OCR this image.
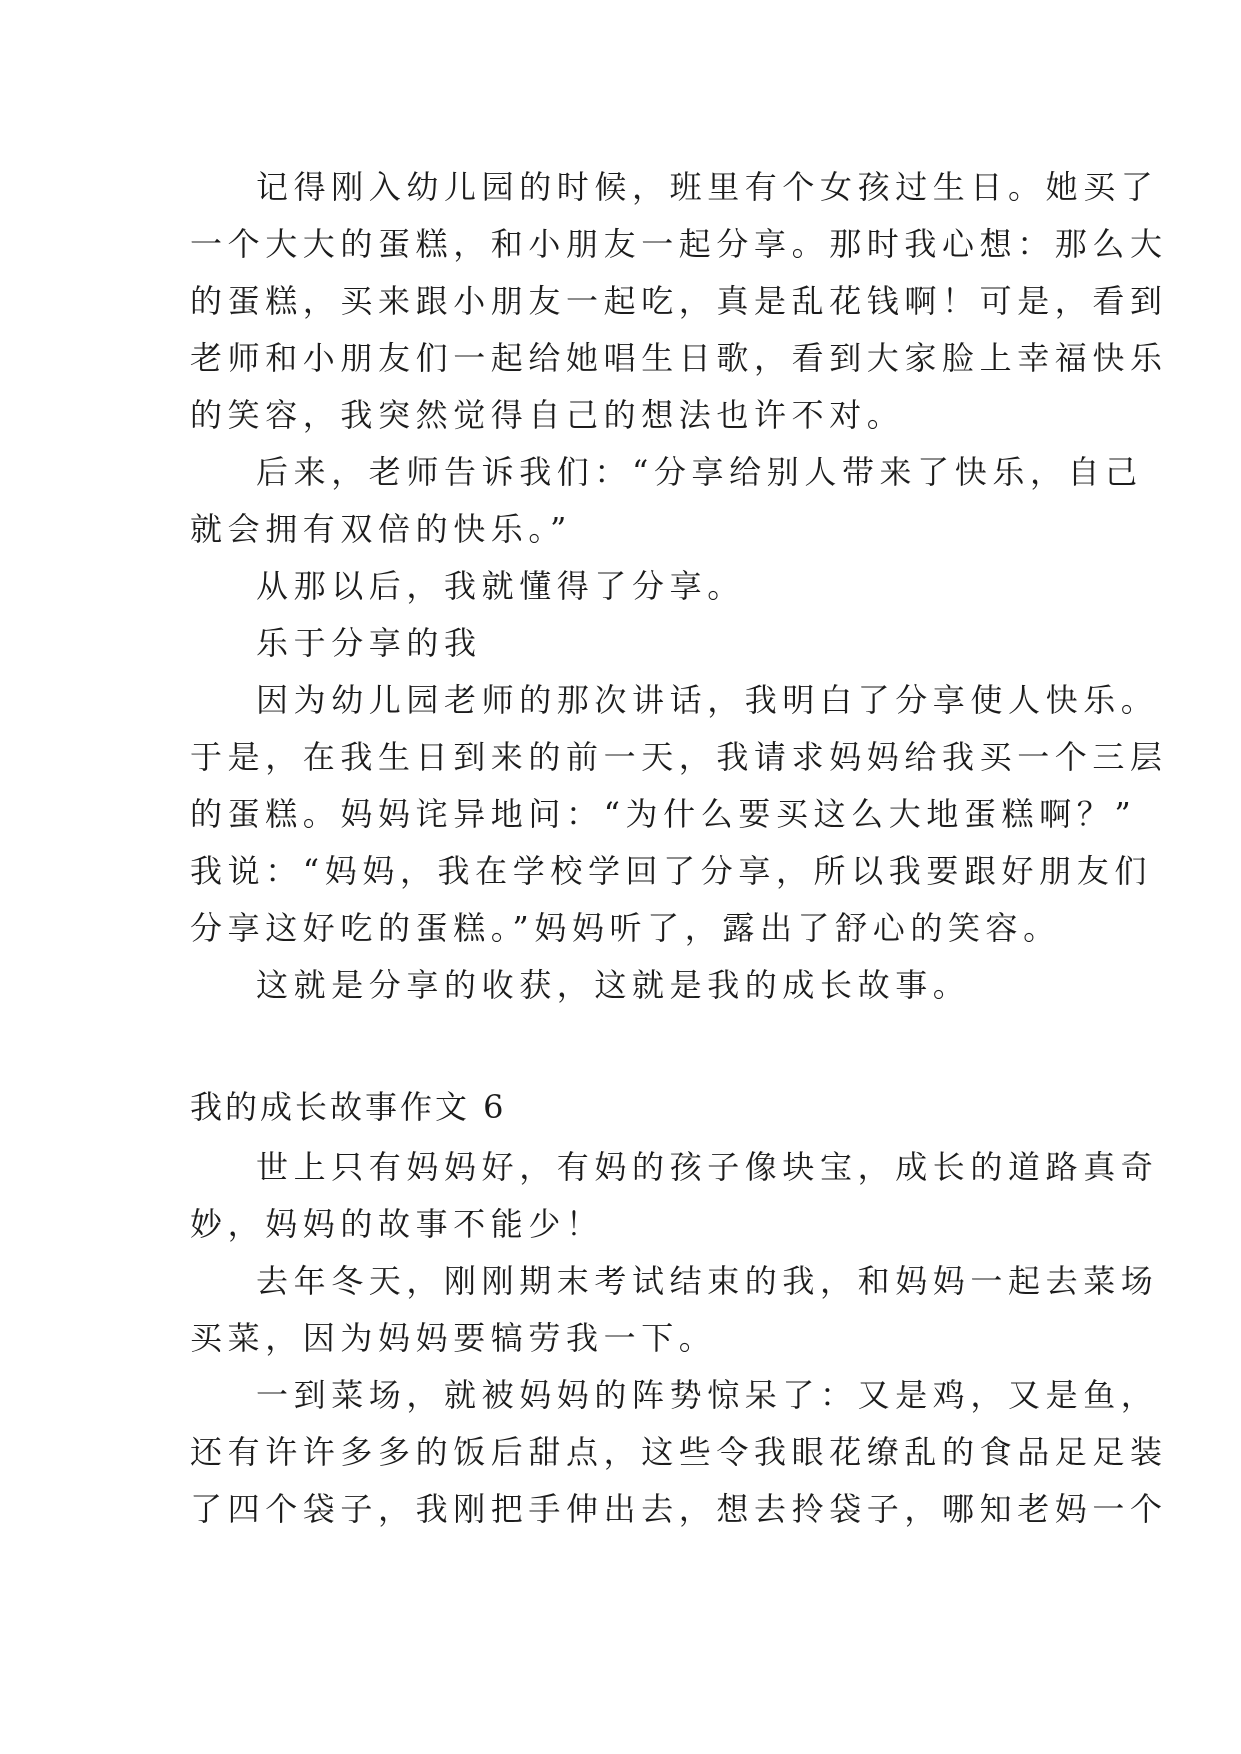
记得刚入幼儿园的时候，班里有个女孩过生日。她买了
一个大大的蛋糕，和小朋友一起分享。那时我心想：那么大
的蛋糕，买来跟小朋友一起吃，真是乱花钱啊！可是，看到
老师和小朋友们一起给她唱生日歌，看到大家脸上幸福快乐
的笑容，我突然觉得自己的想法也许不对。
后来，老师告诉我们：“分享给别人带来了快乐，自己
就会拥有双倍的快乐。”
从那以后，我就懂得了分享。
乐于分享的我
因为幼儿园老师的那次讲话，我明白了分享使人快乐。
于是，在我生日到来的前一天，我请求妈妈给我买一个三层
的蛋糕。妈妈诧异地问：“为什么要买这么大地蛋糕啊？”
我说：“妈妈，我在学校学回了分享，所以我要跟好朋友们
分享这好吃的蛋糕。”妈妈听了，露出了舒心的笑容。
这就是分享的收获，这就是我的成长故事。
我的成长故事作文 6
世上只有妈妈好，有妈的孩子像块宝，成长的道路真奇
妙，妈妈的故事不能少！
去年冬天，刚刚期末考试结束的我，和妈妈一起去菜场
买菜，因为妈妈要犒劳我一下。
一到菜场，就被妈妈的阵势惊呆了：又是鸡，又是鱼，
还有许许多多的饭后甜点，这些令我眼花缭乱的食品足足装
了四个袋子，我刚把手伸出去，想去拎袋子，哪知老妈一个
